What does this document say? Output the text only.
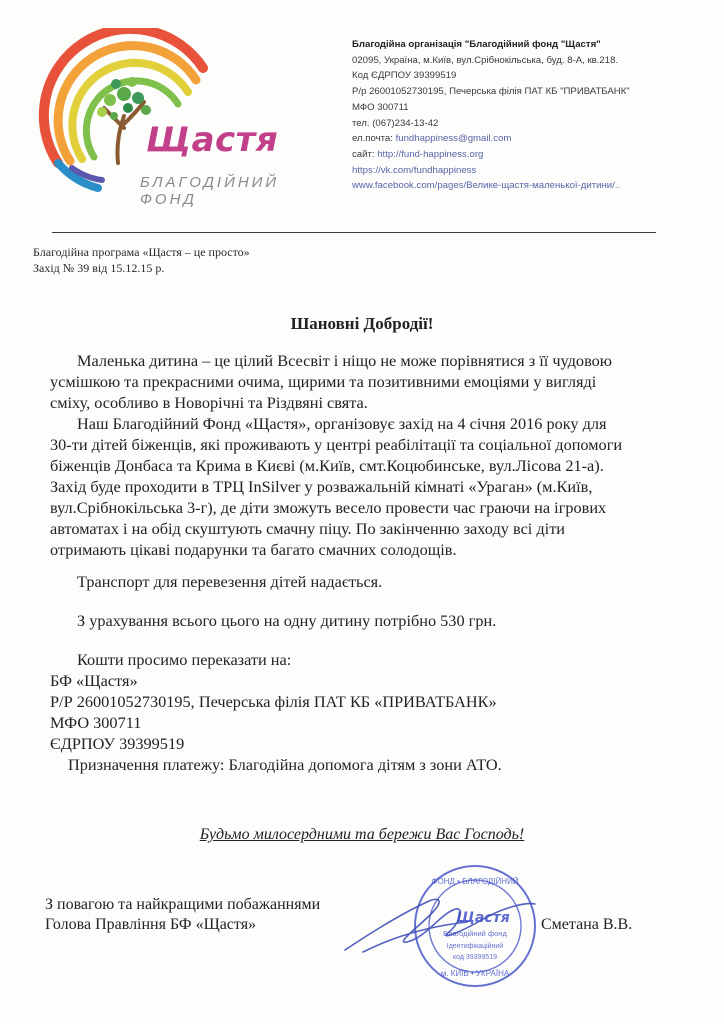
Щастя
БЛАГОДІЙНИЙ ФОНД
Благодійна організація "Благодійний фонд "Щастя"
02095, Україна, м.Київ, вул.Срібнокільська, буд. 8-А, кв.218.
Код ЄДРПОУ 39399519
Р/р 26001052730195, Печерська філія ПАТ КБ "ПРИВАТБАНК"
МФО 300711
тел. (067)234-13-42
ел.почта: fundhappiness@gmail.com
сайт: http://fund-happiness.org
https://vk.com/fundhappiness
www.facebook.com/pages/Велике-щастя-маленької-дитини/..
Благодійна програма «Щастя – це просто»
Захід № 39 від 15.12.15 р.
Шановні Добродії!
Маленька дитина – це цілий Всесвіт і ніщо не може порівнятися з її чудовою
усмішкою та прекрасними очима, щирими та позитивними емоціями у вигляді
сміху, особливо в Новорічні та Різдвяні свята.
Наш Благодійний Фонд «Щастя», організовує захід на 4 січня 2016 року для
30-ти дітей біженців, які проживають у центрі реабілітації та соціальної допомоги
біженців Донбаса та Крима в Києві (м.Київ, смт.Коцюбинське, вул.Лісова 21-а).
Захід буде проходити в ТРЦ InSilver у розважальній кімнаті «Ураган» (м.Київ,
вул.Срібнокільська 3-г), де діти зможуть весело провести час граючи на ігрових
автоматах і на обід скуштують смачну піцу. По закінченню заходу всі діти
отримають цікаві подарунки та багато смачних солодощів.
Транспорт для перевезення дітей надається.
З урахування всього цього на одну дитину потрібно 530 грн.
Кошти просимо переказати на:
БФ «Щастя»
Р/Р 26001052730195, Печерська філія ПАТ КБ «ПРИВАТБАНК»
МФО 300711
ЄДРПОУ 39399519
Призначення платежу: Благодійна допомога дітям з зони АТО.
Будьмо милосердними та бережи Вас Господь!
З повагою та найкращими побажаннями
Голова Правління БФ «Щастя»
ФОНД • БЛАГОДІЙНИЙ
м. КИЇВ • УКРАЇНА
Щастя
Благодійний фонд
Ідентифікаційний
код 39399519
Сметана В.В.
